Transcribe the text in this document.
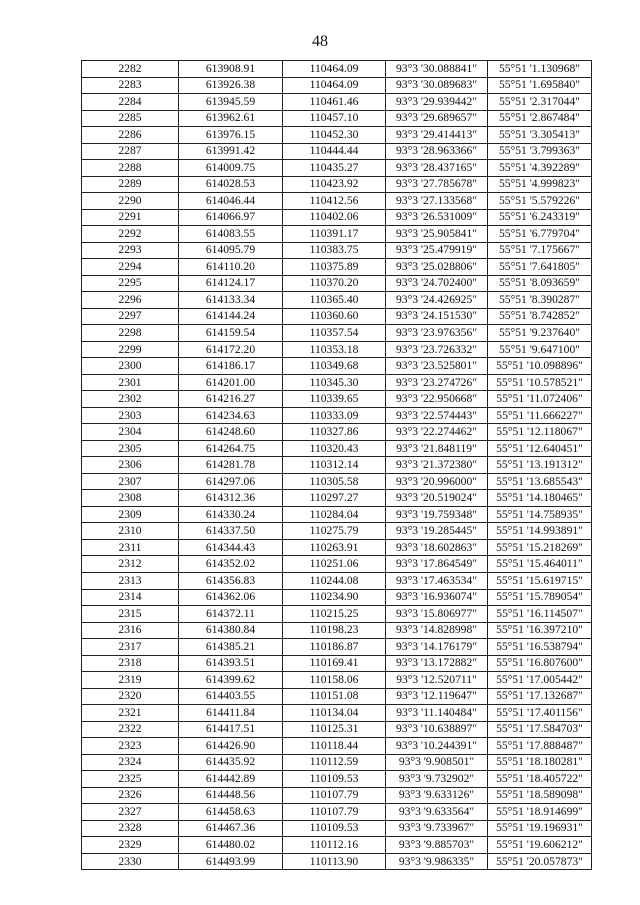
48
2282	613908.91	110464.09	93°3 '30.088841"	55°51 '1.130968"
2283	613926.38	110464.09	93°3 '30.089683"	55°51 '1.695840"
2284	613945.59	110461.46	93°3 '29.939442"	55°51 '2.317044"
2285	613962.61	110457.10	93°3 '29.689657"	55°51 '2.867484"
2286	613976.15	110452.30	93°3 '29.414413"	55°51 '3.305413"
2287	613991.42	110444.44	93°3 '28.963366"	55°51 '3.799363"
2288	614009.75	110435.27	93°3 '28.437165"	55°51 '4.392289"
2289	614028.53	110423.92	93°3 '27.785678"	55°51 '4.999823"
2290	614046.44	110412.56	93°3 '27.133568"	55°51 '5.579226"
2291	614066.97	110402.06	93°3 '26.531009"	55°51 '6.243319"
2292	614083.55	110391.17	93°3 '25.905841"	55°51 '6.779704"
2293	614095.79	110383.75	93°3 '25.479919"	55°51 '7.175667"
2294	614110.20	110375.89	93°3 '25.028806"	55°51 '7.641805"
2295	614124.17	110370.20	93°3 '24.702400"	55°51 '8.093659"
2296	614133.34	110365.40	93°3 '24.426925"	55°51 '8.390287"
2297	614144.24	110360.60	93°3 '24.151530"	55°51 '8.742852"
2298	614159.54	110357.54	93°3 '23.976356"	55°51 '9.237640"
2299	614172.20	110353.18	93°3 '23.726332"	55°51 '9.647100"
2300	614186.17	110349.68	93°3 '23.525801"	55°51 '10.098896"
2301	614201.00	110345.30	93°3 '23.274726"	55°51 '10.578521"
2302	614216.27	110339.65	93°3 '22.950668"	55°51 '11.072406"
2303	614234.63	110333.09	93°3 '22.574443"	55°51 '11.666227"
2304	614248.60	110327.86	93°3 '22.274462"	55°51 '12.118067"
2305	614264.75	110320.43	93°3 '21.848119"	55°51 '12.640451"
2306	614281.78	110312.14	93°3 '21.372380"	55°51 '13.191312"
2307	614297.06	110305.58	93°3 '20.996000"	55°51 '13.685543"
2308	614312.36	110297.27	93°3 '20.519024"	55°51 '14.180465"
2309	614330.24	110284.04	93°3 '19.759348"	55°51 '14.758935"
2310	614337.50	110275.79	93°3 '19.285445"	55°51 '14.993891"
2311	614344.43	110263.91	93°3 '18.602863"	55°51 '15.218269"
2312	614352.02	110251.06	93°3 '17.864549"	55°51 '15.464011"
2313	614356.83	110244.08	93°3 '17.463534"	55°51 '15.619715"
2314	614362.06	110234.90	93°3 '16.936074"	55°51 '15.789054"
2315	614372.11	110215.25	93°3 '15.806977"	55°51 '16.114507"
2316	614380.84	110198.23	93°3 '14.828998"	55°51 '16.397210"
2317	614385.21	110186.87	93°3 '14.176179"	55°51 '16.538794"
2318	614393.51	110169.41	93°3 '13.172882"	55°51 '16.807600"
2319	614399.62	110158.06	93°3 '12.520711"	55°51 '17.005442"
2320	614403.55	110151.08	93°3 '12.119647"	55°51 '17.132687"
2321	614411.84	110134.04	93°3 '11.140484"	55°51 '17.401156"
2322	614417.51	110125.31	93°3 '10.638897"	55°51 '17.584703"
2323	614426.90	110118.44	93°3 '10.244391"	55°51 '17.888487"
2324	614435.92	110112.59	93°3 '9.908501"	55°51 '18.180281"
2325	614442.89	110109.53	93°3 '9.732902"	55°51 '18.405722"
2326	614448.56	110107.79	93°3 '9.633126"	55°51 '18.589098"
2327	614458.63	110107.79	93°3 '9.633564"	55°51 '18.914699"
2328	614467.36	110109.53	93°3 '9.733967"	55°51 '19.196931"
2329	614480.02	110112.16	93°3 '9.885703"	55°51 '19.606212"
2330	614493.99	110113.90	93°3 '9.986335"	55°51 '20.057873"
